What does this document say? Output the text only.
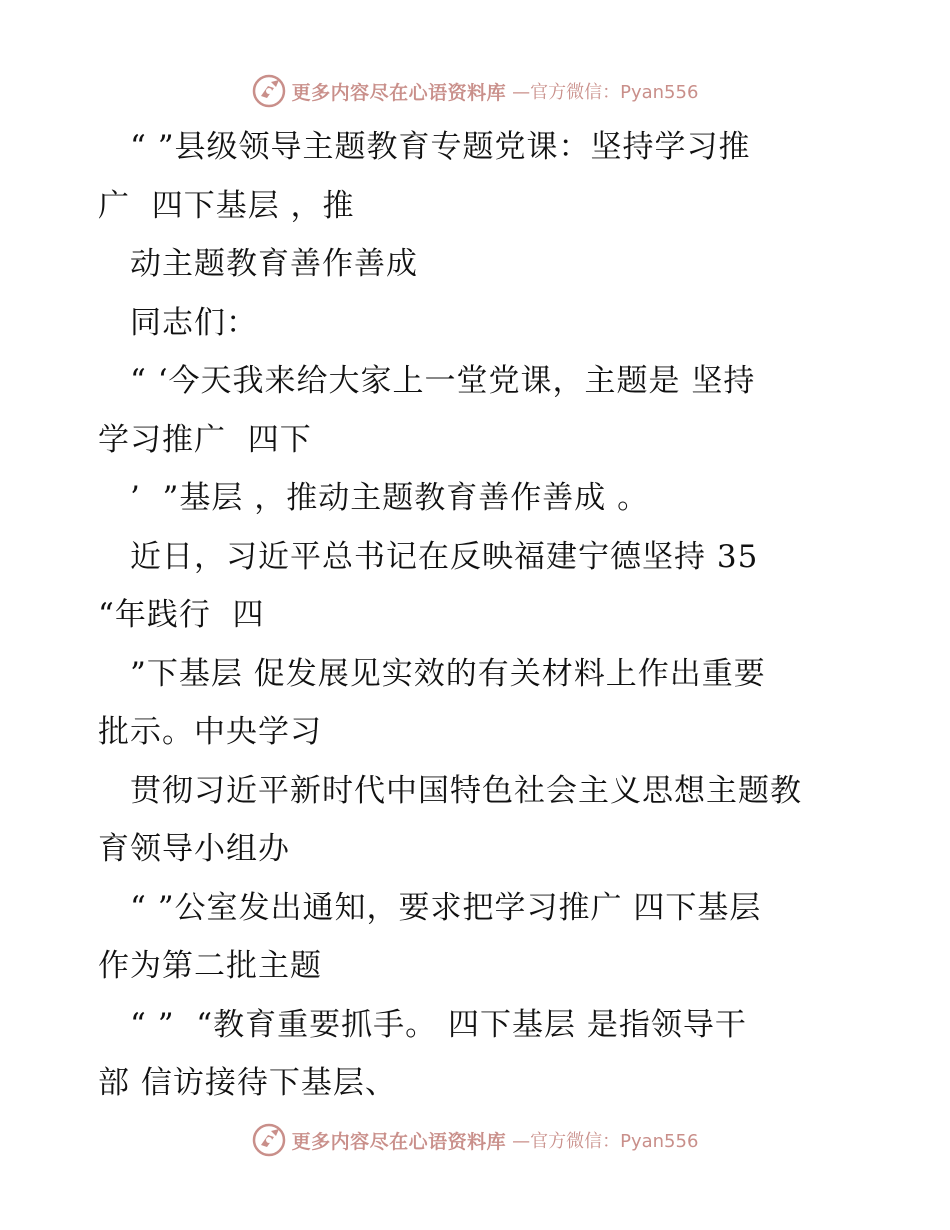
更多内容尽在心语资料库 —官方微信：Pyan556
　“ ”县级领导主题教育专题党课：坚持学习推
广  四下基层 ，推
　动主题教育善作善成
　同志们：
　“ ‘今天我来给大家上一堂党课，主题是 坚持
学习推广  四下
　’  ”基层 ，推动主题教育善作善成 。
　近日，习近平总书记在反映福建宁德坚持 35
“年践行  四
　”下基层 促发展见实效的有关材料上作出重要
批示。中央学习
　贯彻习近平新时代中国特色社会主义思想主题教
育领导小组办
　“ ”公室发出通知，要求把学习推广 四下基层
作为第二批主题
　“ ”  “教育重要抓手。 四下基层 是指领导干
部 信访接待下基层、
更多内容尽在心语资料库 —官方微信：Pyan556
